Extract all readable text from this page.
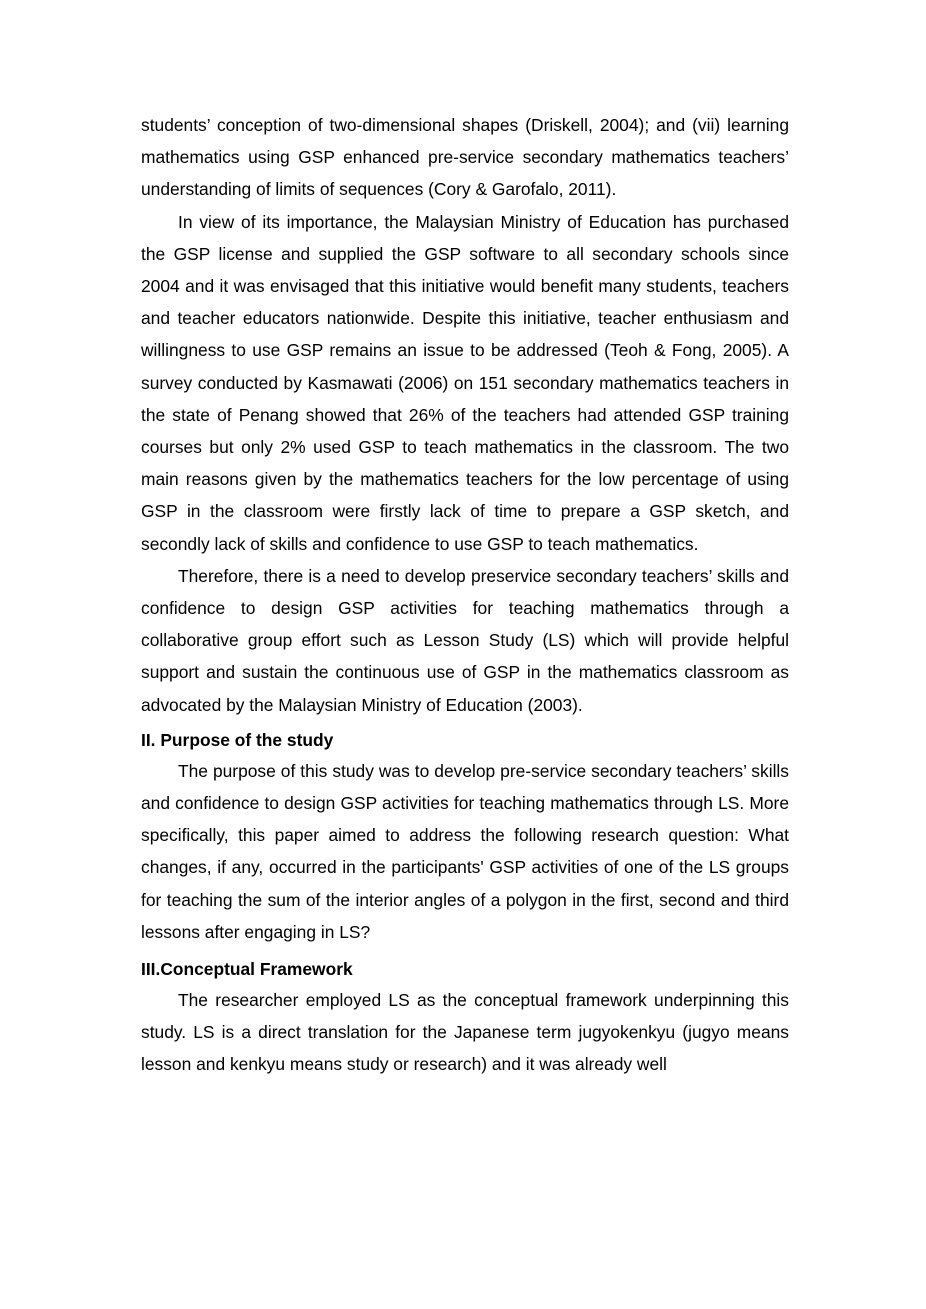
students’ conception of two-dimensional shapes (Driskell, 2004); and (vii) learning mathematics using GSP enhanced pre-service secondary mathematics teachers’ understanding of limits of sequences (Cory & Garofalo, 2011).

In view of its importance, the Malaysian Ministry of Education has purchased the GSP license and supplied the GSP software to all secondary schools since 2004 and it was envisaged that this initiative would benefit many students, teachers and teacher educators nationwide. Despite this initiative, teacher enthusiasm and willingness to use GSP remains an issue to be addressed (Teoh & Fong, 2005). A survey conducted by Kasmawati (2006) on 151 secondary mathematics teachers in the state of Penang showed that 26% of the teachers had attended GSP training courses but only 2% used GSP to teach mathematics in the classroom. The two main reasons given by the mathematics teachers for the low percentage of using GSP in the classroom were firstly lack of time to prepare a GSP sketch, and secondly lack of skills and confidence to use GSP to teach mathematics.

Therefore, there is a need to develop preservice secondary teachers’ skills and confidence to design GSP activities for teaching mathematics through a collaborative group effort such as Lesson Study (LS) which will provide helpful support and sustain the continuous use of GSP in the mathematics classroom as advocated by the Malaysian Ministry of Education (2003).

II. Purpose of the study

The purpose of this study was to develop pre-service secondary teachers’ skills and confidence to design GSP activities for teaching mathematics through LS. More specifically, this paper aimed to address the following research question: What changes, if any, occurred in the participants' GSP activities of one of the LS groups for teaching the sum of the interior angles of a polygon in the first, second and third lessons after engaging in LS?

III.Conceptual Framework

The researcher employed LS as the conceptual framework underpinning this study. LS is a direct translation for the Japanese term jugyokenkyu (jugyo means lesson and kenkyu means study or research) and it was already well
